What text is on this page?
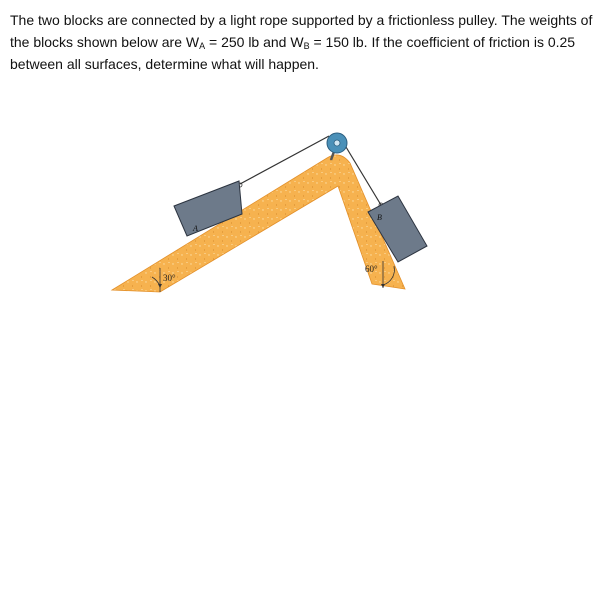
The two blocks are connected by a light rope supported by a frictionless pulley. The weights of the blocks shown below are $W_A = 250$ lb and $W_B = 150$ lb. If the coefficient of friction is 0.25 between all surfaces, determine what will happen.
30°
60°
A
B
